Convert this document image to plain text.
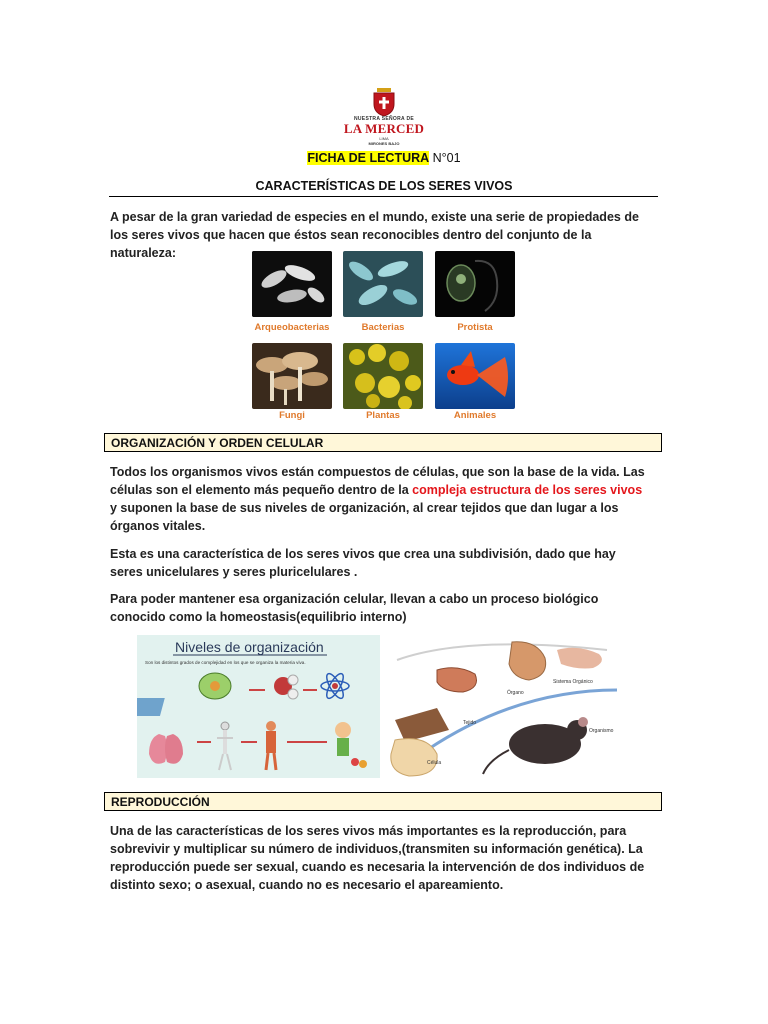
NUESTRA SEÑORA DE
LA MERCED
LIMA
MIRONES BAJO
FICHA DE LECTURA N°01
CARACTERÍSTICAS DE LOS SERES VIVOS
A pesar de la gran variedad de especies en el mundo, existe una serie de propiedades de los seres vivos que hacen que éstos sean reconocibles dentro del conjunto de la naturaleza:
Arqueobacterias	Bacterias	Protista
Fungi	Plantas	Animales
ORGANIZACIÓN Y ORDEN CELULAR
Todos los organismos vivos están compuestos de células, que son la base de la vida. Las células son el elemento más pequeño dentro de la compleja estructura de los seres vivos y suponen la base de sus niveles de organización, al crear tejidos que dan lugar a los órganos vitales.
Esta es una característica de los seres vivos que crea una subdivisión, dado que hay seres unicelulares y seres pluricelulares .
Para poder mantener esa organización celular, llevan a cabo un proceso biológico conocido como la homeostasis(equilibrio interno)
Niveles de organización
Son los distintos grados de complejidad en los que se organiza la materia viva.
Sistema Orgánico
Órgano
Tejido
Organismo
Célula
REPRODUCCIÓN
Una de las características de los seres vivos más importantes es la reproducción, para sobrevivir y multiplicar su número de individuos,(transmiten su información genética). La reproducción puede ser sexual, cuando es necesaria la intervención de dos individuos de distinto sexo; o asexual, cuando no es necesario el apareamiento.
